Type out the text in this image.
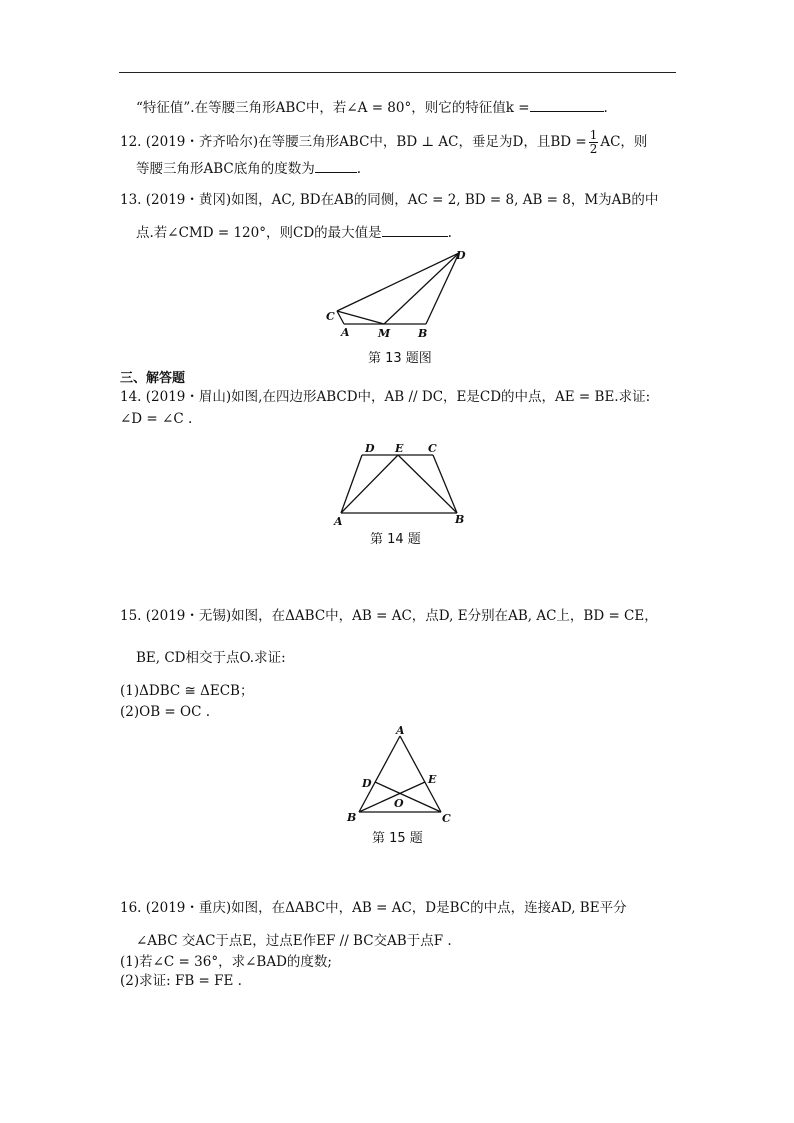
“特征值”.在等腰三角形ABC中，若∠A = 80°，则它的特征值k =	.
12. (2019・齐齐哈尔)在等腰三角形ABC中，BD ⊥ AC，垂足为D，且BD = $\frac{1}{2}$ AC，则
等腰三角形ABC底角的度数为	.
13. (2019・黄冈)如图，AC, BD在AB的同侧，AC = 2, BD = 8, AB = 8，M为AB的中
点.若∠CMD = 120°，则CD的最大值是	.
C
A	M	B
D
第 13 题图
三、解答题
14. (2019・眉山)如图,在四边形ABCD中，AB // DC，E是CD的中点，AE = BE.求证:
∠D = ∠C .
D E C
A	B
第 14 题
15. (2019・无锡)如图，在ΔABC中，AB = AC，点D, E分别在AB, AC上，BD = CE，
BE, CD相交于点O.求证:
(1)ΔDBC ≅ ΔECB；
(2)OB = OC .
A
D	E
O
B	C
第 15 题
16. (2019・重庆)如图，在ΔABC中，AB = AC，D是BC的中点，连接AD, BE平分
∠ABC 交AC于点E，过点E作EF // BC交AB于点F .
(1)若∠C = 36°，求∠BAD的度数;
(2)求证: FB = FE .
